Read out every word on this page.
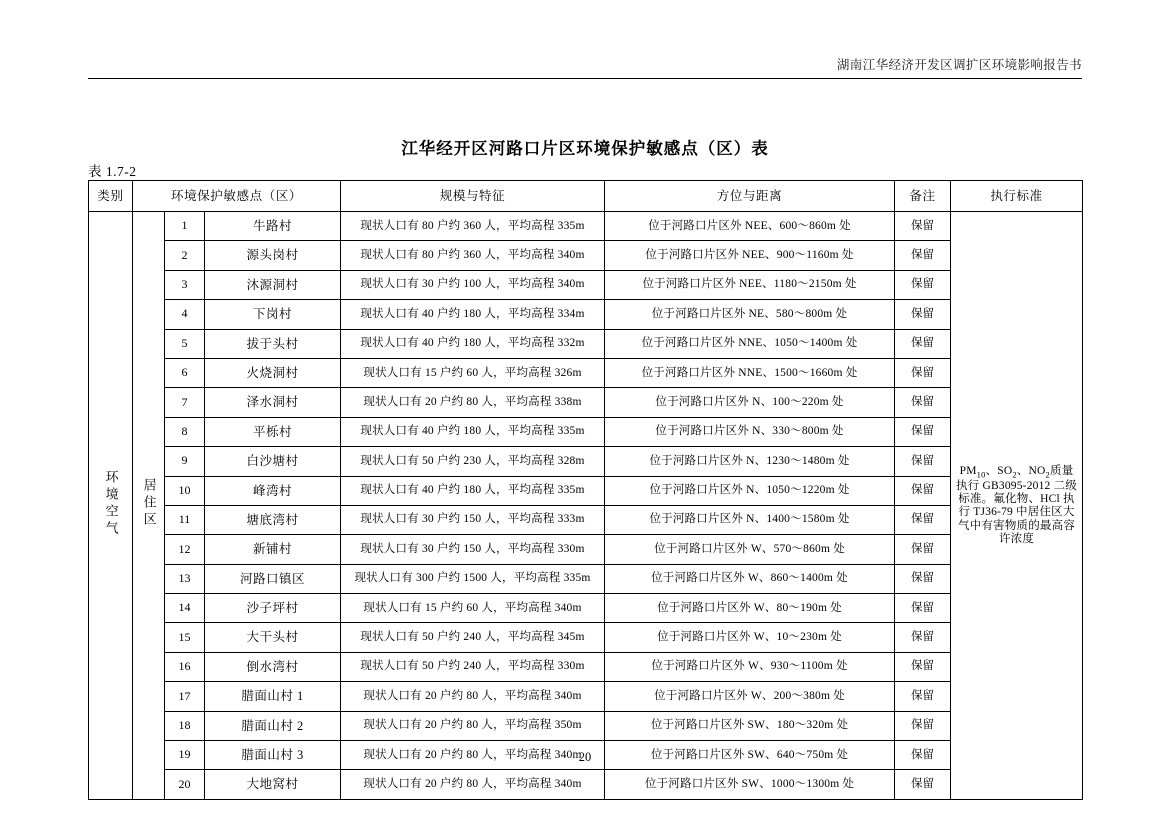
湖南江华经济开发区调扩区环境影响报告书
江华经开区河路口片区环境保护敏感点（区）表
表 1.7-2
类别	环境保护敏感点（区）			规模与特征	方位与距离	备注	执行标准
环境空气	居住区	1	牛路村	现状人口有 80 户约 360 人，平均高程 335m	位于河路口片区外 NEE、600～860m 处	保留	$PM_{10}$、$SO_2$、$NO_2$质量执行 GB3095-2012 二级标准。氟化物、HCl 执行 TJ36-79 中居住区大气中有害物质的最高容许浓度
		2	源头岗村	现状人口有 80 户约 360 人，平均高程 340m	位于河路口片区外 NEE、900～1160m 处	保留	
		3	沐源洞村	现状人口有 30 户约 100 人，平均高程 340m	位于河路口片区外 NEE、1180～2150m 处	保留	
		4	下岗村	现状人口有 40 户约 180 人，平均高程 334m	位于河路口片区外 NE、580～800m 处	保留	
		5	拔于头村	现状人口有 40 户约 180 人，平均高程 332m	位于河路口片区外 NNE、1050～1400m 处	保留	
		6	火烧洞村	现状人口有 15 户约 60 人，平均高程 326m	位于河路口片区外 NNE、1500～1660m 处	保留	
		7	泽水洞村	现状人口有 20 户约 80 人，平均高程 338m	位于河路口片区外 N、100～220m 处	保留	
		8	平栎村	现状人口有 40 户约 180 人，平均高程 335m	位于河路口片区外 N、330～800m 处	保留	
		9	白沙塘村	现状人口有 50 户约 230 人，平均高程 328m	位于河路口片区外 N、1230～1480m 处	保留	
		10	峰湾村	现状人口有 40 户约 180 人，平均高程 335m	位于河路口片区外 N、1050～1220m 处	保留	
		11	塘底湾村	现状人口有 30 户约 150 人，平均高程 333m	位于河路口片区外 N、1400～1580m 处	保留	
		12	新铺村	现状人口有 30 户约 150 人，平均高程 330m	位于河路口片区外 W、570～860m 处	保留	
		13	河路口镇区	现状人口有 300 户约 1500 人，平均高程 335m	位于河路口片区外 W、860～1400m 处	保留	
		14	沙子坪村	现状人口有 15 户约 60 人，平均高程 340m	位于河路口片区外 W、80～190m 处	保留	
		15	大干头村	现状人口有 50 户约 240 人，平均高程 345m	位于河路口片区外 W、10～230m 处	保留	
		16	倒水湾村	现状人口有 50 户约 240 人，平均高程 330m	位于河路口片区外 W、930～1100m 处	保留	
		17	腊面山村 1	现状人口有 20 户约 80 人，平均高程 340m	位于河路口片区外 W、200～380m 处	保留	
		18	腊面山村 2	现状人口有 20 户约 80 人，平均高程 350m	位于河路口片区外 SW、180～320m 处	保留	
		19	腊面山村 3	现状人口有 20 户约 80 人，平均高程 340m	位于河路口片区外 SW、640～750m 处	保留	
		20	大地窝村	现状人口有 20 户约 80 人，平均高程 340m	位于河路口片区外 SW、1000～1300m 处	保留	
20
